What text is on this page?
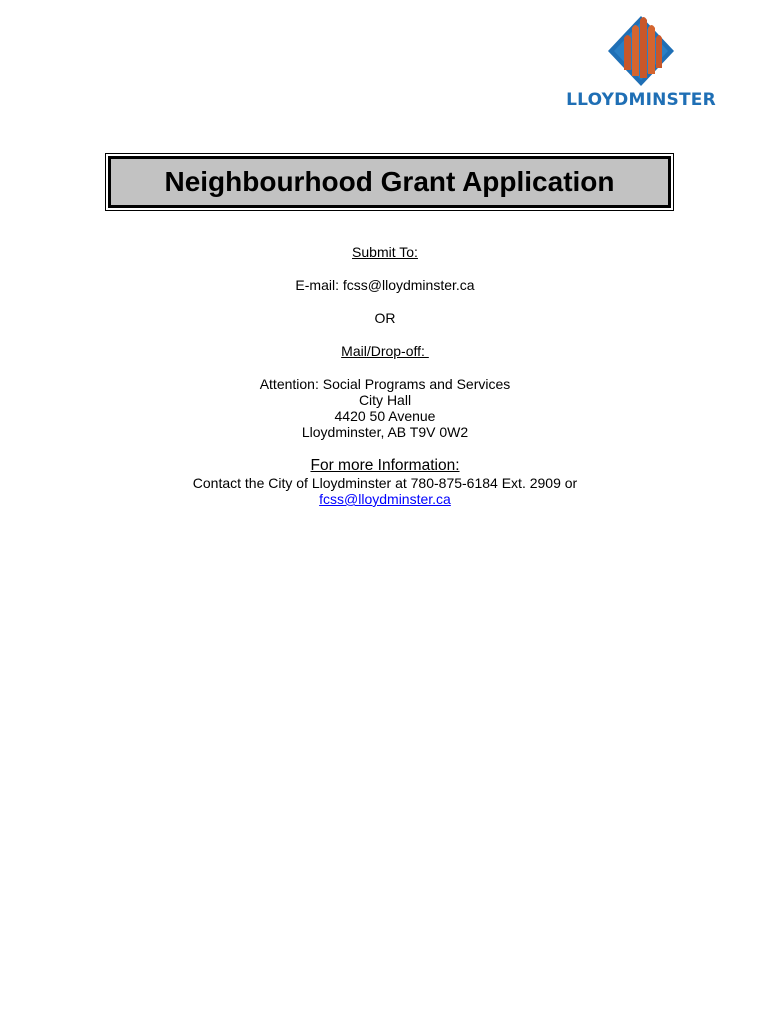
LLOYDMINSTER
Neighbourhood Grant Application

Submit To:

E-mail: fcss@lloydminster.ca

OR

Mail/Drop-off:

Attention: Social Programs and Services

City Hall

4420 50 Avenue

Lloydminster, AB T9V 0W2

For more Information:

Contact the City of Lloydminster at 780-875-6184 Ext. 2909 or

fcss@lloydminster.ca
